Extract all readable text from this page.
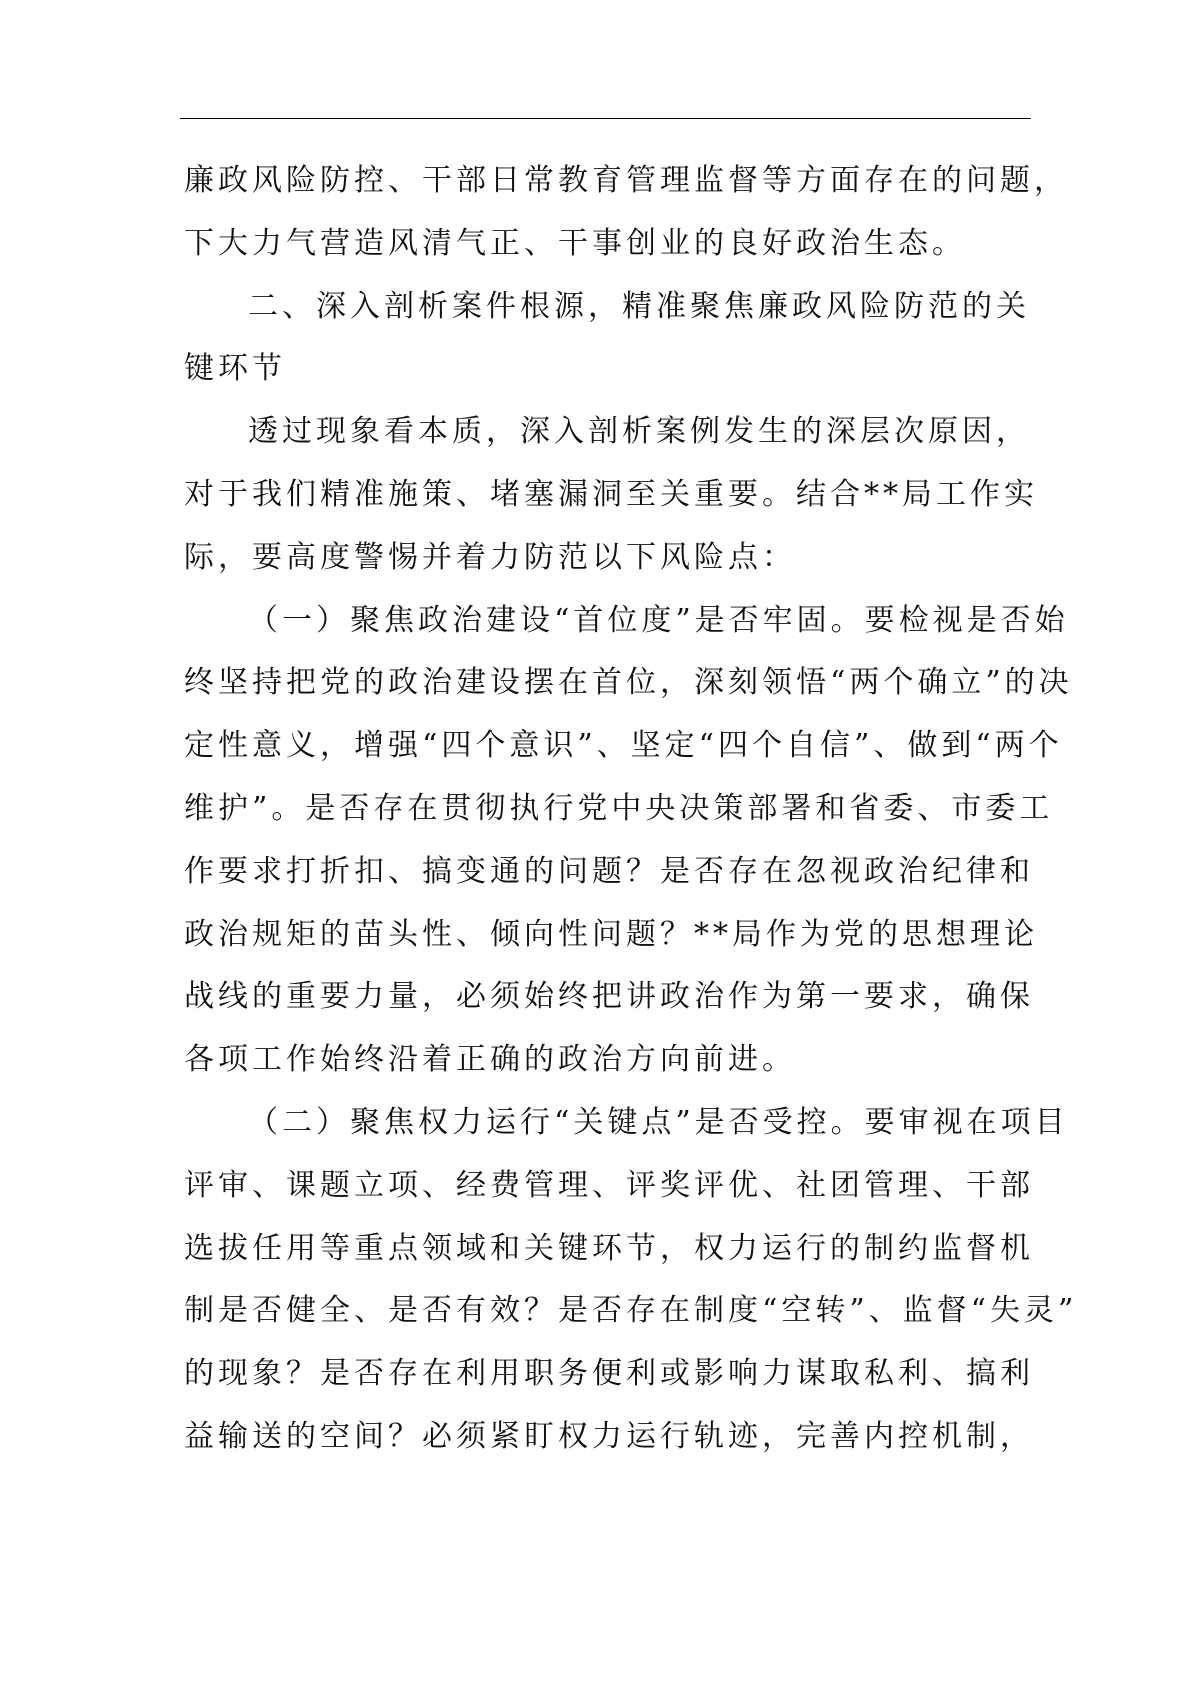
廉政风险防控、干部日常教育管理监督等方面存在的问题，
下大力气营造风清气正、干事创业的良好政治生态。
二、深入剖析案件根源，精准聚焦廉政风险防范的关
键环节
透过现象看本质，深入剖析案例发生的深层次原因，
对于我们精准施策、堵塞漏洞至关重要。结合**局工作实
际，要高度警惕并着力防范以下风险点：
（一）聚焦政治建设“首位度”是否牢固。要检视是否始
终坚持把党的政治建设摆在首位，深刻领悟“两个确立”的决
定性意义，增强“四个意识”、坚定“四个自信”、做到“两个
维护”。是否存在贯彻执行党中央决策部署和省委、市委工
作要求打折扣、搞变通的问题？是否存在忽视政治纪律和
政治规矩的苗头性、倾向性问题？**局作为党的思想理论
战线的重要力量，必须始终把讲政治作为第一要求，确保
各项工作始终沿着正确的政治方向前进。
（二）聚焦权力运行“关键点”是否受控。要审视在项目
评审、课题立项、经费管理、评奖评优、社团管理、干部
选拔任用等重点领域和关键环节，权力运行的制约监督机
制是否健全、是否有效？是否存在制度“空转”、监督“失灵”
的现象？是否存在利用职务便利或影响力谋取私利、搞利
益输送的空间？必须紧盯权力运行轨迹，完善内控机制，
